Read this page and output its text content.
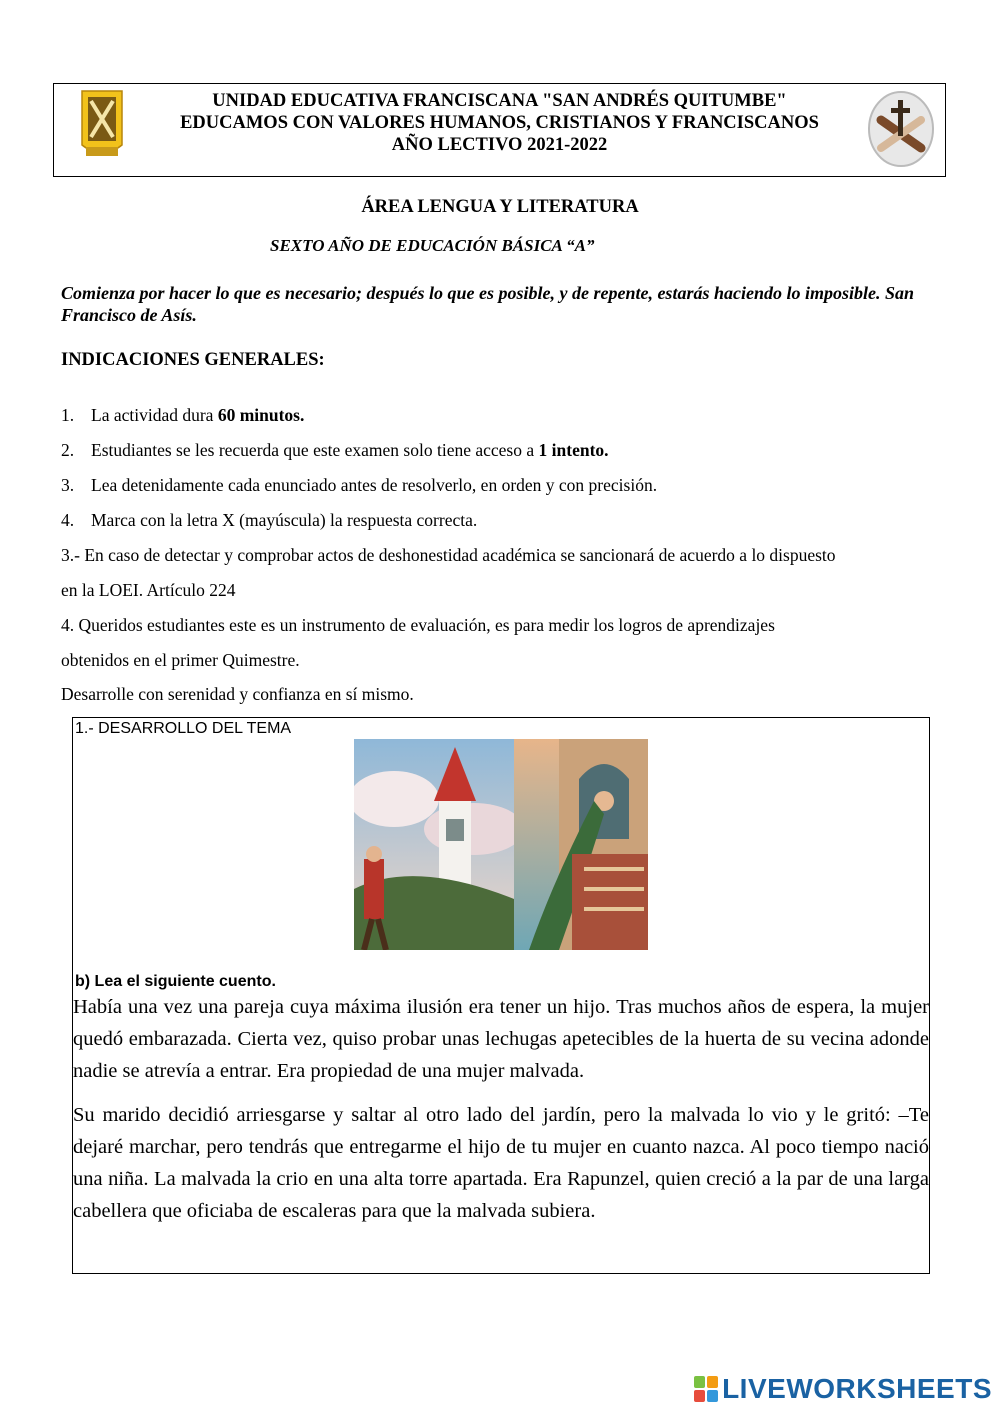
UNIDAD EDUCATIVA FRANCISCANA "SAN ANDRÉS QUITUMBE"
EDUCAMOS CON VALORES HUMANOS, CRISTIANOS Y FRANCISCANOS
AÑO LECTIVO 2021-2022
ÁREA LENGUA Y LITERATURA
SEXTO AÑO DE EDUCACIÓN BÁSICA “A”
Comienza por hacer lo que es necesario; después lo que es posible, y de repente, estarás haciendo lo imposible. San Francisco de Asís.
INDICACIONES GENERALES:
1. La actividad dura 60 minutos.
2. Estudiantes se les recuerda que este examen solo tiene acceso a 1 intento.
3. Lea detenidamente cada enunciado antes de resolverlo, en orden y con precisión.
4. Marca con la letra X (mayúscula) la respuesta correcta.
3.- En caso de detectar y comprobar actos de deshonestidad académica se sancionará de acuerdo a lo dispuesto
en la LOEI. Artículo 224
4. Queridos estudiantes este es un instrumento de evaluación, es para medir los logros de aprendizajes
obtenidos en el primer Quimestre.
Desarrolle con serenidad y confianza en sí mismo.
1.- DESARROLLO DEL TEMA
b) Lea el siguiente cuento.
Había una vez una pareja cuya máxima ilusión era tener un hijo. Tras muchos años de espera, la mujer quedó embarazada. Cierta vez, quiso probar unas lechugas apetecibles de la huerta de su vecina adonde nadie se atrevía a entrar. Era propiedad de una mujer malvada.
Su marido decidió arriesgarse y saltar al otro lado del jardín, pero la malvada lo vio y le gritó: –Te dejaré marchar, pero tendrás que entregarme el hijo de tu mujer en cuanto nazca. Al poco tiempo nació una niña. La malvada la crio en una alta torre apartada. Era Rapunzel, quien creció a la par de una larga cabellera que oficiaba de escaleras para que la malvada subiera.
LIVEWORKSHEETS
